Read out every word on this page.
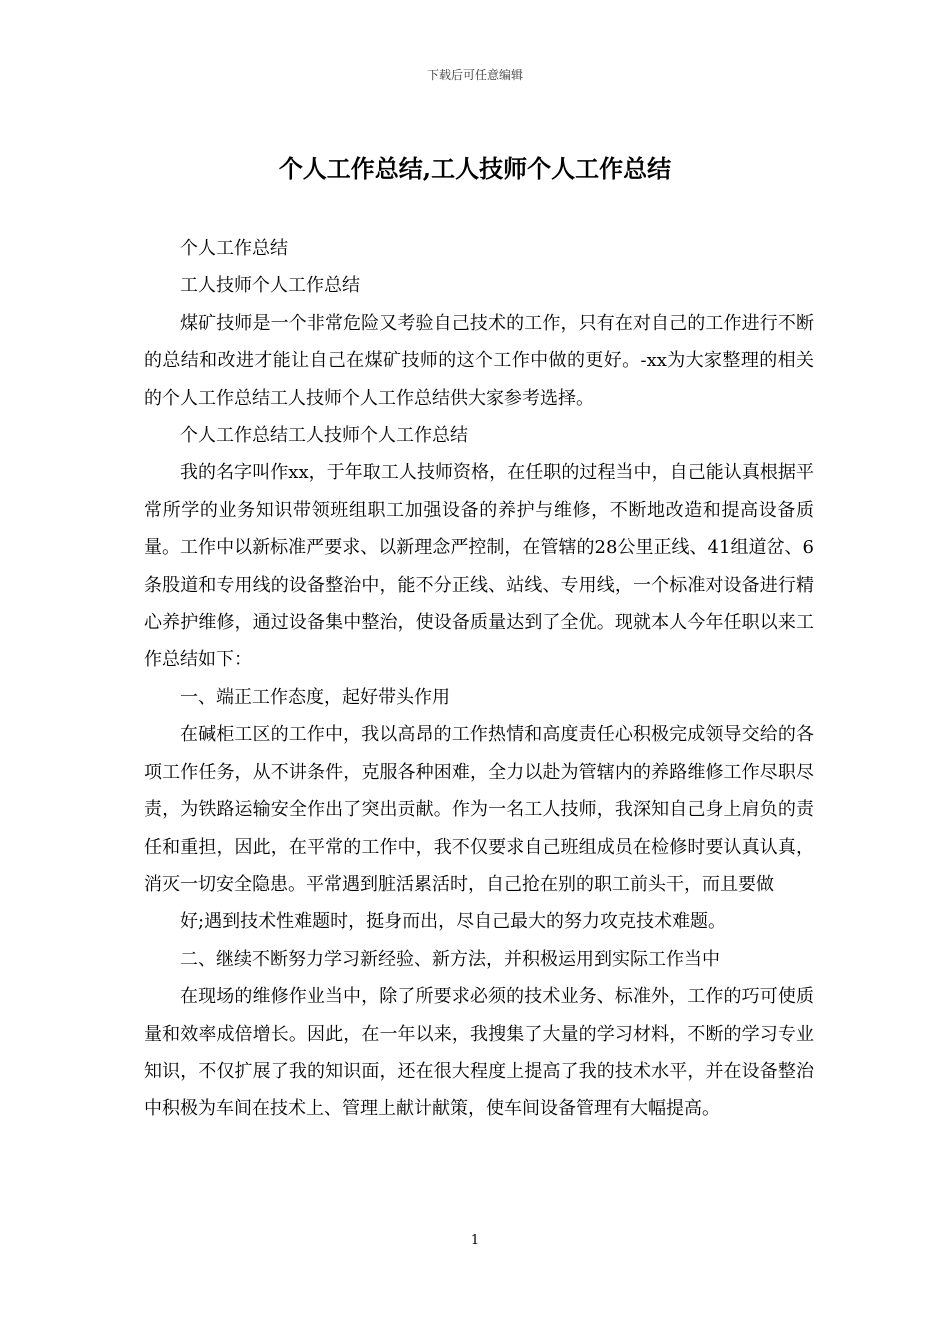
下载后可任意编辑
个人工作总结,工人技师个人工作总结

个人工作总结

工人技师个人工作总结

煤矿技师是一个非常危险又考验自己技术的工作，只有在对自己的工作进行不断的总结和改进才能让自己在煤矿技师的这个工作中做的更好。-xx为大家整理的相关的个人工作总结工人技师个人工作总结供大家参考选择。

个人工作总结工人技师个人工作总结

我的名字叫作xx，于年取工人技师资格，在任职的过程当中，自己能认真根据平常所学的业务知识带领班组职工加强设备的养护与维修，不断地改造和提高设备质量。工作中以新标准严要求、以新理念严控制，在管辖的28公里正线、41组道岔、6条股道和专用线的设备整治中，能不分正线、站线、专用线，一个标准对设备进行精心养护维修，通过设备集中整治，使设备质量达到了全优。现就本人今年任职以来工作总结如下：

一、端正工作态度，起好带头作用

在碱柜工区的工作中，我以高昂的工作热情和高度责任心积极完成领导交给的各项工作任务，从不讲条件，克服各种困难，全力以赴为管辖内的养路维修工作尽职尽责，为铁路运输安全作出了突出贡献。作为一名工人技师，我深知自己身上肩负的责任和重担，因此，在平常的工作中，我不仅要求自己班组成员在检修时要认真认真，消灭一切安全隐患。平常遇到脏活累活时，自己抢在别的职工前头干，而且要做

好;遇到技术性难题时，挺身而出，尽自己最大的努力攻克技术难题。

二、继续不断努力学习新经验、新方法，并积极运用到实际工作当中

在现场的维修作业当中，除了所要求必须的技术业务、标准外，工作的巧可使质量和效率成倍增长。因此，在一年以来，我搜集了大量的学习材料，不断的学习专业知识，不仅扩展了我的知识面，还在很大程度上提高了我的技术水平，并在设备整治中积极为车间在技术上、管理上献计献策，使车间设备管理有大幅提高。

1
